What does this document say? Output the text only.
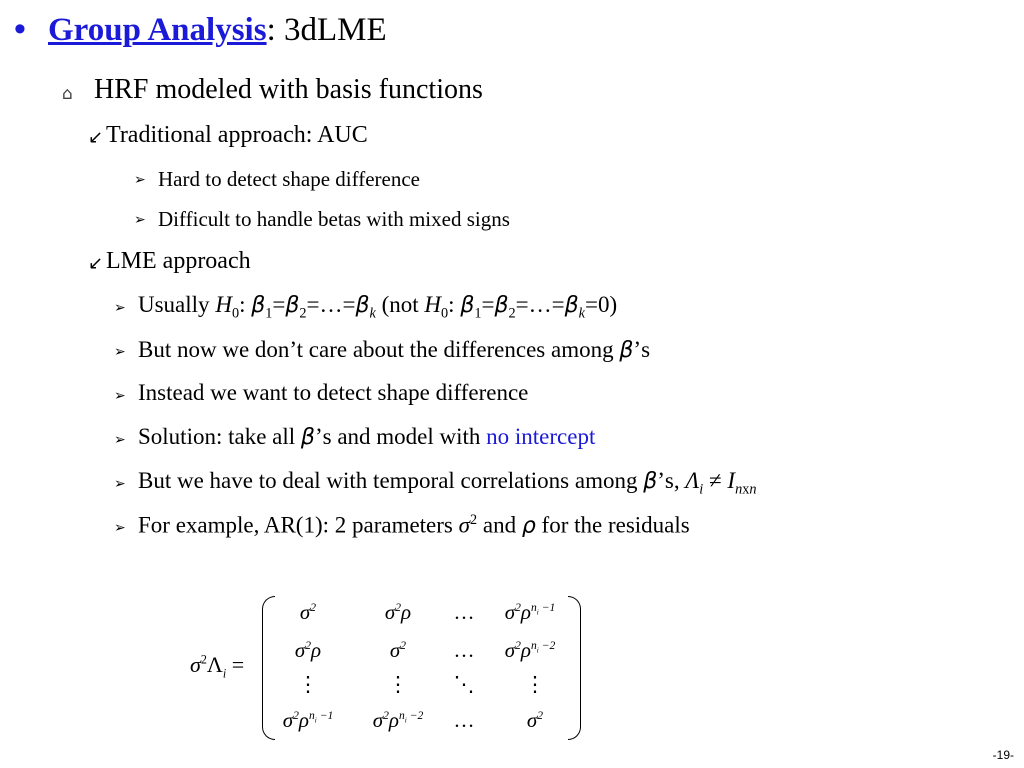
• Group Analysis: 3dLME
⌂ HRF modeled with basis functions
↙ Traditional approach: AUC
➢ Hard to detect shape difference
➢ Difficult to handle betas with mixed signs
↙ LME approach
➢ Usually $H_0$: $\beta_1=\beta_2=\dots=\beta_k$ (not $H_0$: $\beta_1=\beta_2=\dots=\beta_k=0$)
➢ But now we don’t care about the differences among β’s
➢ Instead we want to detect shape difference
➢ Solution: take all β’s and model with no intercept
➢ But we have to deal with temporal correlations among β’s, $\Lambda_i \ne I_{nxn}$
➢ For example, AR(1): 2 parameters $\sigma^2$ and ρ for the residuals
$\sigma^2\Lambda_i$ =
$\sigma^2$	$\sigma^2\rho$	…	$\sigma^2\rho^{n_i -1}$
$\sigma^2\rho$	$\sigma^2$	…	$\sigma^2\rho^{n_i -2}$
⋮	⋮	⋱	⋮
$\sigma^2\rho^{n_i -1}$	$\sigma^2\rho^{n_i -2}$	…	$\sigma^2$
-19-
